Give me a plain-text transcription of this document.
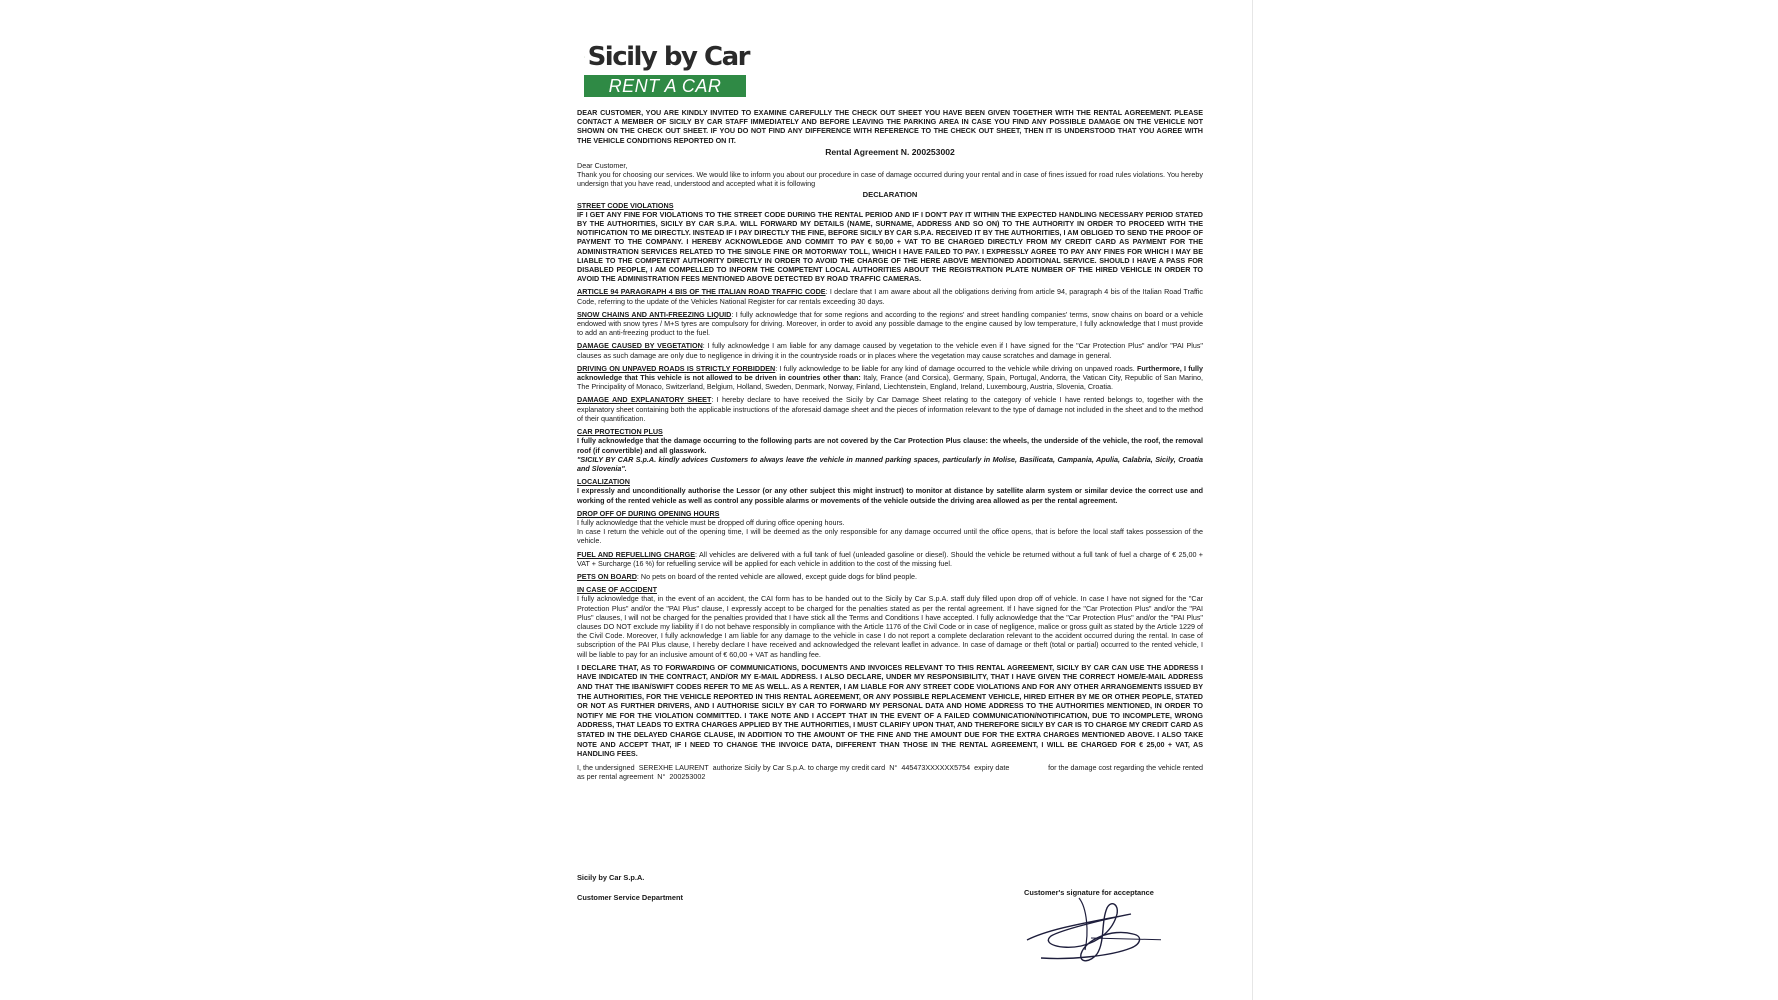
Sicily by Car
RENT A CAR

DEAR CUSTOMER, YOU ARE KINDLY INVITED TO EXAMINE CAREFULLY THE CHECK OUT SHEET YOU HAVE BEEN GIVEN TOGETHER WITH THE RENTAL AGREEMENT. PLEASE CONTACT A MEMBER OF SICILY BY CAR STAFF IMMEDIATELY AND BEFORE LEAVING THE PARKING AREA IN CASE YOU FIND ANY POSSIBLE DAMAGE ON THE VEHICLE NOT SHOWN ON THE CHECK OUT SHEET. IF YOU DO NOT FIND ANY DIFFERENCE WITH REFERENCE TO THE CHECK OUT SHEET, THEN IT IS UNDERSTOOD THAT YOU AGREE WITH THE VEHICLE CONDITIONS REPORTED ON IT.

Rental Agreement N. 200253002

Dear Customer,

Thank you for choosing our services. We would like to inform you about our procedure in case of damage occurred during your rental and in case of fines issued for road rules violations. You hereby undersign that you have read, understood and accepted what it is following

DECLARATION

STREET CODE VIOLATIONS
IF I GET ANY FINE FOR VIOLATIONS TO THE STREET CODE DURING THE RENTAL PERIOD AND IF I DON'T PAY IT WITHIN THE EXPECTED HANDLING NECESSARY PERIOD STATED BY THE AUTHORITIES, SICILY BY CAR S.P.A. WILL FORWARD MY DETAILS (NAME, SURNAME, ADDRESS AND SO ON) TO THE AUTHORITY IN ORDER TO PROCEED WITH THE NOTIFICATION TO ME DIRECTLY. INSTEAD IF I PAY DIRECTLY THE FINE, BEFORE SICILY BY CAR S.P.A. RECEIVED IT BY THE AUTHORITIES, I AM OBLIGED TO SEND THE PROOF OF PAYMENT TO THE COMPANY. I HEREBY ACKNOWLEDGE AND COMMIT TO PAY € 50,00 + VAT TO BE CHARGED DIRECTLY FROM MY CREDIT CARD AS PAYMENT FOR THE ADMINISTRATION SERVICES RELATED TO THE SINGLE FINE OR MOTORWAY TOLL, WHICH I HAVE FAILED TO PAY. I EXPRESSLY AGREE TO PAY ANY FINES FOR WHICH I MAY BE LIABLE TO THE COMPETENT AUTHORITY DIRECTLY IN ORDER TO AVOID THE CHARGE OF THE HERE ABOVE MENTIONED ADDITIONAL SERVICE. SHOULD I HAVE A PASS FOR DISABLED PEOPLE, I AM COMPELLED TO INFORM THE COMPETENT LOCAL AUTHORITIES ABOUT THE REGISTRATION PLATE NUMBER OF THE HIRED VEHICLE IN ORDER TO AVOID THE ADMINISTRATION FEES MENTIONED ABOVE DETECTED BY ROAD TRAFFIC CAMERAS.

ARTICLE 94 PARAGRAPH 4 BIS OF THE ITALIAN ROAD TRAFFIC CODE: I declare that I am aware about all the obligations deriving from article 94, paragraph 4 bis of the Italian Road Traffic Code, referring to the update of the Vehicles National Register for car rentals exceeding 30 days.

SNOW CHAINS AND ANTI-FREEZING LIQUID: I fully acknowledge that for some regions and according to the regions' and street handling companies' terms, snow chains on board or a vehicle endowed with snow tyres / M+S tyres are compulsory for driving. Moreover, in order to avoid any possible damage to the engine caused by low temperature, I fully acknowledge that I must provide to add an anti-freezing product to the fuel.

DAMAGE CAUSED BY VEGETATION: I fully acknowledge I am liable for any damage caused by vegetation to the vehicle even if I have signed for the "Car Protection Plus" and/or "PAI Plus" clauses as such damage are only due to negligence in driving it in the countryside roads or in places where the vegetation may cause scratches and damage in general.

DRIVING ON UNPAVED ROADS IS STRICTLY FORBIDDEN: I fully acknowledge to be liable for any kind of damage occurred to the vehicle while driving on unpaved roads. Furthermore, I fully acknowledge that This vehicle is not allowed to be driven in countries other than: Italy, France (and Corsica), Germany, Spain, Portugal, Andorra, the Vatican City, Republic of San Marino, The Principality of Monaco, Switzerland, Belgium, Holland, Sweden, Denmark, Norway, Finland, Liechtenstein, England, Ireland, Luxembourg, Austria, Slovenia, Croatia.

DAMAGE AND EXPLANATORY SHEET: I hereby declare to have received the Sicily by Car Damage Sheet relating to the category of vehicle I have rented belongs to, together with the explanatory sheet containing both the applicable instructions of the aforesaid damage sheet and the pieces of information relevant to the type of damage not included in the sheet and to the method of their quantification.

CAR PROTECTION PLUS
I fully acknowledge that the damage occurring to the following parts are not covered by the Car Protection Plus clause: the wheels, the underside of the vehicle, the roof, the removal roof (if convertible) and all glasswork.
"SICILY BY CAR S.p.A. kindly advices Customers to always leave the vehicle in manned parking spaces, particularly in Molise, Basilicata, Campania, Apulia, Calabria, Sicily, Croatia and Slovenia".

LOCALIZATION
I expressly and unconditionally authorise the Lessor (or any other subject this might instruct) to monitor at distance by satellite alarm system or similar device the correct use and working of the rented vehicle as well as control any possible alarms or movements of the vehicle outside the driving area allowed as per the rental agreement.

DROP OFF OF DURING OPENING HOURS
I fully acknowledge that the vehicle must be dropped off during office opening hours.
In case I return the vehicle out of the opening time, I will be deemed as the only responsible for any damage occurred until the office opens, that is before the local staff takes possession of the vehicle.

FUEL AND REFUELLING CHARGE: All vehicles are delivered with a full tank of fuel (unleaded gasoline or diesel). Should the vehicle be returned without a full tank of fuel a charge of € 25,00 + VAT + Surcharge (16 %) for refuelling service will be applied for each vehicle in addition to the cost of the missing fuel.

PETS ON BOARD: No pets on board of the rented vehicle are allowed, except guide dogs for blind people.

IN CASE OF ACCIDENT
I fully acknowledge that, in the event of an accident, the CAI form has to be handed out to the Sicily by Car S.p.A. staff duly filled upon drop off of vehicle. In case I have not signed for the "Car Protection Plus" and/or the "PAI Plus" clause, I expressly accept to be charged for the penalties stated as per the rental agreement. If I have signed for the "Car Protection Plus" and/or the "PAI Plus" clauses, I will not be charged for the penalties provided that I have stick all the Terms and Conditions I have accepted. I fully acknowledge that the "Car Protection Plus" and/or the "PAI Plus" clauses DO NOT exclude my liability if I do not behave responsibly in compliance with the Article 1176 of the Civil Code or in case of negligence, malice or gross guilt as stated by the Article 1229 of the Civil Code. Moreover, I fully acknowledge I am liable for any damage to the vehicle in case I do not report a complete declaration relevant to the accident occurred during the rental. In case of subscription of the PAI Plus clause, I hereby declare I have received and acknowledged the relevant leaflet in advance. In case of damage or theft (total or partial) occurred to the rented vehicle, I will be liable to pay for an inclusive amount of € 60,00 + VAT as handling fee.

I DECLARE THAT, AS TO FORWARDING OF COMMUNICATIONS, DOCUMENTS AND INVOICES RELEVANT TO THIS RENTAL AGREEMENT, SICILY BY CAR CAN USE THE ADDRESS I HAVE INDICATED IN THE CONTRACT, AND/OR MY E-MAIL ADDRESS. I ALSO DECLARE, UNDER MY RESPONSIBILITY, THAT I HAVE GIVEN THE CORRECT HOME/E-MAIL ADDRESS AND THAT THE IBAN/SWIFT CODES REFER TO ME AS WELL. AS A RENTER, I AM LIABLE FOR ANY STREET CODE VIOLATIONS AND FOR ANY OTHER ARRANGEMENTS ISSUED BY THE AUTHORITIES, FOR THE VEHICLE REPORTED IN THIS RENTAL AGREEMENT, OR ANY POSSIBLE REPLACEMENT VEHICLE, HIRED EITHER BY ME OR OTHER PEOPLE, STATED OR NOT AS FURTHER DRIVERS, AND I AUTHORISE SICILY BY CAR TO FORWARD MY PERSONAL DATA AND HOME ADDRESS TO THE AUTHORITIES MENTIONED, IN ORDER TO NOTIFY ME FOR THE VIOLATION COMMITTED. I TAKE NOTE AND I ACCEPT THAT IN THE EVENT OF A FAILED COMMUNICATION/NOTIFICATION, DUE TO INCOMPLETE, WRONG ADDRESS, THAT LEADS TO EXTRA CHARGES APPLIED BY THE AUTHORITIES, I MUST CLARIFY UPON THAT, AND THEREFORE SICILY BY CAR IS TO CHARGE MY CREDIT CARD AS STATED IN THE DELAYED CHARGE CLAUSE, IN ADDITION TO THE AMOUNT OF THE FINE AND THE AMOUNT DUE FOR THE EXTRA CHARGES MENTIONED ABOVE. I ALSO TAKE NOTE AND ACCEPT THAT, IF I NEED TO CHANGE THE INVOICE DATA, DIFFERENT THAN THOSE IN THE RENTAL AGREEMENT, I WILL BE CHARGED FOR € 25,00 + VAT, AS HANDLING FEES.

I, the undersigned  SEREXHE LAURENT  authorize Sicily by Car S.p.A. to charge my credit card  N°  445473XXXXXX5754  expiry date                   for the damage cost regarding the vehicle rented as per rental agreement  N°  200253002

Sicily by Car S.p.A.
Customer Service Department
Customer's signature for acceptance
